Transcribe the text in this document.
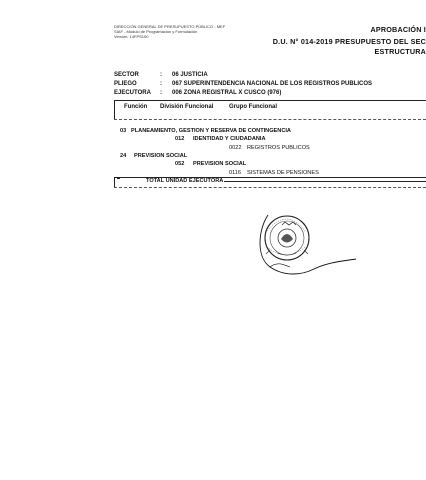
DIRECCIÓN GENERAL DE PRESUPUESTO PÚBLICO - MEF
SIAF - Módulo de Programación y Formulación
Versión: 14FPS100
APROBACIÓN I
D.U. N° 014-2019 PRESUPUESTO DEL SEC
ESTRUCTURA
SECTOR	: 06 JUSTICIA
PLIEGO	: 067 SUPERINTENDENCIA NACIONAL DE LOS REGISTROS PUBLICOS
EJECUTORA : 006 ZONA REGISTRAL X CUSCO (976)
Función División Funcional	Grupo Funcional
03 PLANEAMIENTO, GESTION Y RESERVA DE CONTINGENCIA
012 IDENTIDAD Y CIUDADANIA
0022 REGISTROS PUBLICOS
24 PREVISION SOCIAL
052 PREVISION SOCIAL
0116 SISTEMAS DE PENSIONES
TOTAL UNIDAD EJECUTORA
